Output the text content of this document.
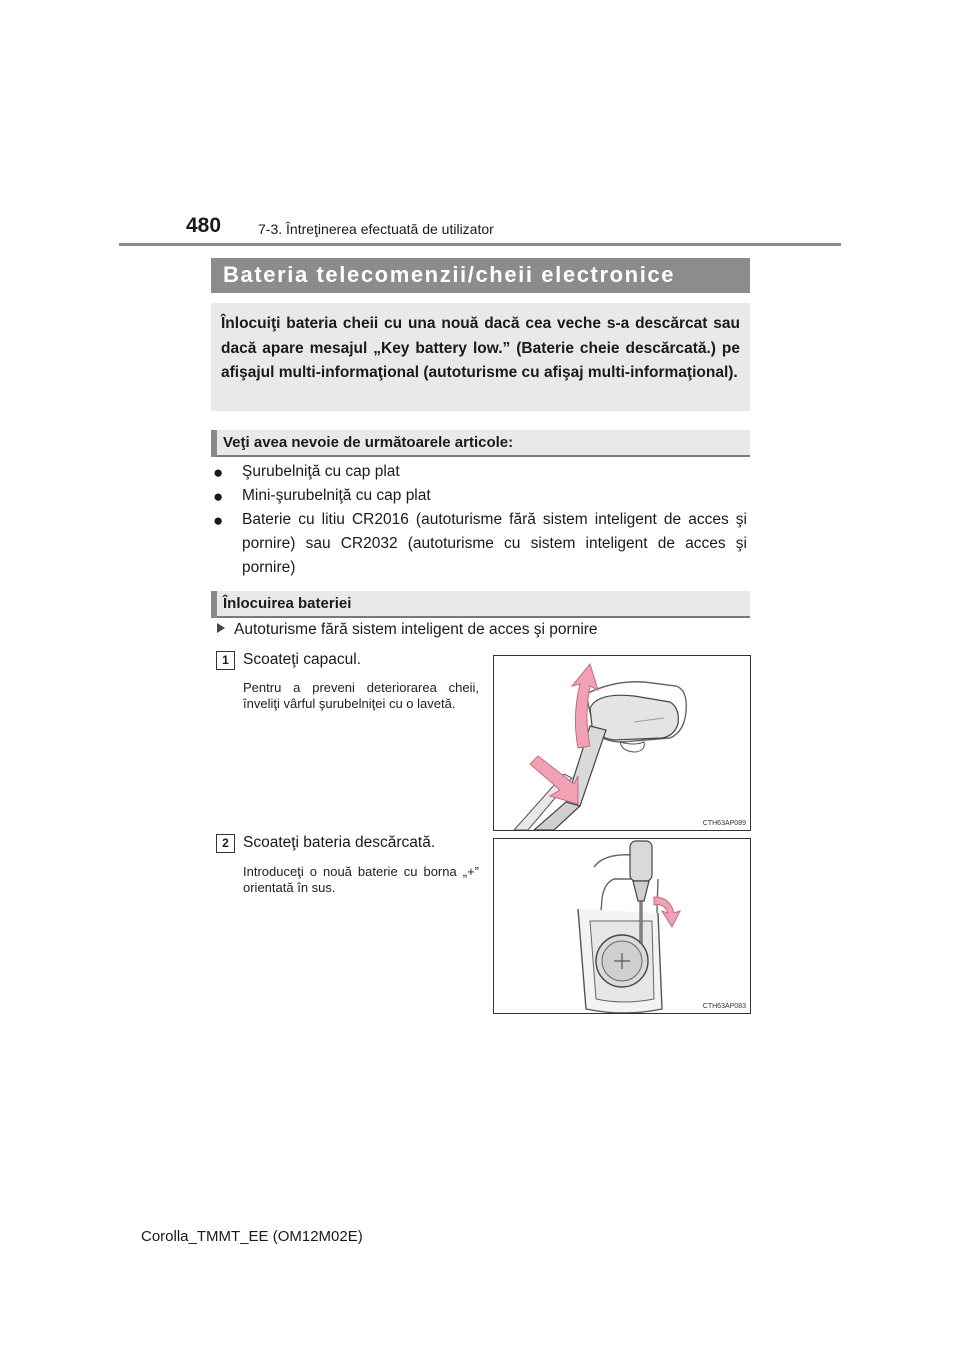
480	7-3. Întreţinerea efectuată de utilizator
Bateria telecomenzii/cheii electronice
Înlocuiţi bateria cheii cu una nouă dacă cea veche s-a descărcat sau dacă apare mesajul „Key battery low.” (Baterie cheie descărcată.) pe afişajul multi-informaţional (autoturisme cu afişaj multi-informaţional).
Veţi avea nevoie de următoarele articole:
● Şurubelniţă cu cap plat
● Mini-şurubelniţă cu cap plat
● Baterie cu litiu CR2016 (autoturisme fără sistem inteligent de acces şi pornire) sau CR2032 (autoturisme cu sistem inteligent de acces şi pornire)
Înlocuirea bateriei
Autoturisme fără sistem inteligent de acces şi pornire
1 Scoateţi capacul.
Pentru a preveni deteriorarea cheii, înveliţi vârful şurubelniţei cu o lavetă.
CTH63AP089
2 Scoateţi bateria descărcată.
Introduceţi o nouă baterie cu borna „+” orientată în sus.
CTH63AP083
Corolla_TMMT_EE (OM12M02E)
